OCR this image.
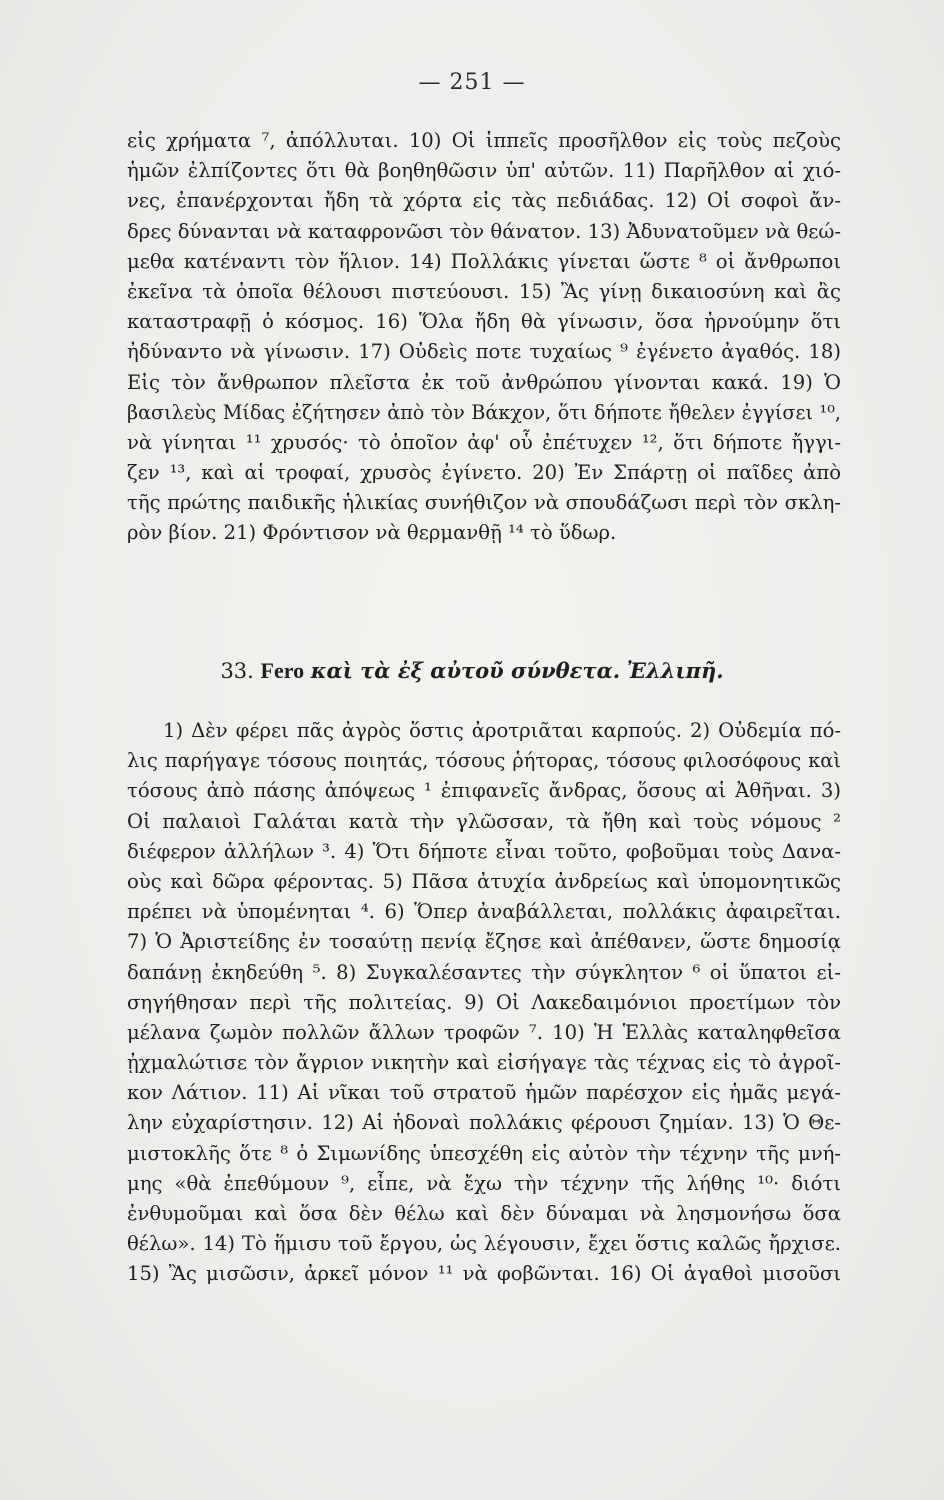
— 251 —
εἰς χρήματα ⁷, ἀπόλλυται. 10) Οἱ ἱππεῖς προσῆλθον εἰς τοὺς πεζοὺς
ἡμῶν ἐλπίζοντες ὅτι θὰ βοηθηθῶσιν ὑπ' αὐτῶν. 11) Παρῆλθον αἱ χιό-
νες, ἐπανέρχονται ἤδη τὰ χόρτα εἰς τὰς πεδιάδας. 12) Οἱ σοφοὶ ἄν-
δρες δύνανται νὰ καταφρονῶσι τὸν θάνατον. 13) Ἀδυνατοῦμεν νὰ θεώ-
μεθα κατέναντι τὸν ἥλιον. 14) Πολλάκις γίνεται ὥστε ⁸ οἱ ἄνθρωποι
ἐκεῖνα τὰ ὁποῖα θέλουσι πιστεύουσι. 15) Ἂς γίνῃ δικαιοσύνη καὶ ἂς
καταστραφῇ ὁ κόσμος. 16) Ὅλα ἤδη θὰ γίνωσιν, ὅσα ἠρνούμην ὅτι
ἠδύναντο νὰ γίνωσιν. 17) Οὐδεὶς ποτε τυχαίως ⁹ ἐγένετο ἀγαθός. 18)
Εἰς τὸν ἄνθρωπον πλεῖστα ἐκ τοῦ ἀνθρώπου γίνονται κακά. 19) Ὁ
βασιλεὺς Μίδας ἐζήτησεν ἀπὸ τὸν Βάκχον, ὅτι δήποτε ἤθελεν ἐγγίσει ¹⁰,
νὰ γίνηται ¹¹ χρυσός· τὸ ὁποῖον ἀφ' οὗ ἐπέτυχεν ¹², ὅτι δήποτε ἤγγι-
ζεν ¹³, καὶ αἱ τροφαί, χρυσὸς ἐγίνετο. 20) Ἐν Σπάρτῃ οἱ παῖδες ἀπὸ
τῆς πρώτης παιδικῆς ἡλικίας συνήθιζον νὰ σπουδάζωσι περὶ τὸν σκλη-
ρὸν βίον. 21) Φρόντισον νὰ θερμανθῇ ¹⁴ τὸ ὕδωρ.
33. Fero καὶ τὰ ἐξ αὐτοῦ σύνθετα. Ἐλλιπῆ.
1) Δὲν φέρει πᾶς ἀγρὸς ὅστις ἀροτριᾶται καρπούς. 2) Οὐδεμία πό-
λις παρήγαγε τόσους ποιητάς, τόσους ῥήτορας, τόσους φιλοσόφους καὶ
τόσους ἀπὸ πάσης ἀπόψεως ¹ ἐπιφανεῖς ἄνδρας, ὅσους αἱ Ἀθῆναι. 3)
Οἱ παλαιοὶ Γαλάται κατὰ τὴν γλῶσσαν, τὰ ἤθη καὶ τοὺς νόμους ²
διέφερον ἀλλήλων ³. 4) Ὅτι δήποτε εἶναι τοῦτο, φοβοῦμαι τοὺς Δανα-
οὺς καὶ δῶρα φέροντας. 5) Πᾶσα ἀτυχία ἀνδρείως καὶ ὑπομονητικῶς
πρέπει νὰ ὑπομένηται ⁴. 6) Ὅπερ ἀναβάλλεται, πολλάκις ἀφαιρεῖται.
7) Ὁ Ἀριστείδης ἐν τοσαύτῃ πενίᾳ ἔζησε καὶ ἀπέθανεν, ὥστε δημοσίᾳ
δαπάνῃ ἐκηδεύθη ⁵. 8) Συγκαλέσαντες τὴν σύγκλητον ⁶ οἱ ὕπατοι εἰ-
σηγήθησαν περὶ τῆς πολιτείας. 9) Οἱ Λακεδαιμόνιοι προετίμων τὸν
μέλανα ζωμὸν πολλῶν ἄλλων τροφῶν ⁷. 10) Ἡ Ἑλλὰς καταληφθεῖσα
ᾐχμαλώτισε τὸν ἄγριον νικητὴν καὶ εἰσήγαγε τὰς τέχνας εἰς τὸ ἀγροῖ-
κον Λάτιον. 11) Αἱ νῖκαι τοῦ στρατοῦ ἡμῶν παρέσχον εἰς ἡμᾶς μεγά-
λην εὐχαρίστησιν. 12) Αἱ ἡδοναὶ πολλάκις φέρουσι ζημίαν. 13) Ὁ Θε-
μιστοκλῆς ὅτε ⁸ ὁ Σιμωνίδης ὑπεσχέθη εἰς αὐτὸν τὴν τέχνην τῆς μνή-
μης «θὰ ἐπεθύμουν ⁹, εἶπε, νὰ ἔχω τὴν τέχνην τῆς λήθης ¹⁰· διότι
ἐνθυμοῦμαι καὶ ὅσα δὲν θέλω καὶ δὲν δύναμαι νὰ λησμονήσω ὅσα
θέλω». 14) Τὸ ἥμισυ τοῦ ἔργου, ὡς λέγουσιν, ἔχει ὅστις καλῶς ἤρχισε.
15) Ἂς μισῶσιν, ἀρκεῖ μόνον ¹¹ νὰ φοβῶνται. 16) Οἱ ἀγαθοὶ μισοῦσι
